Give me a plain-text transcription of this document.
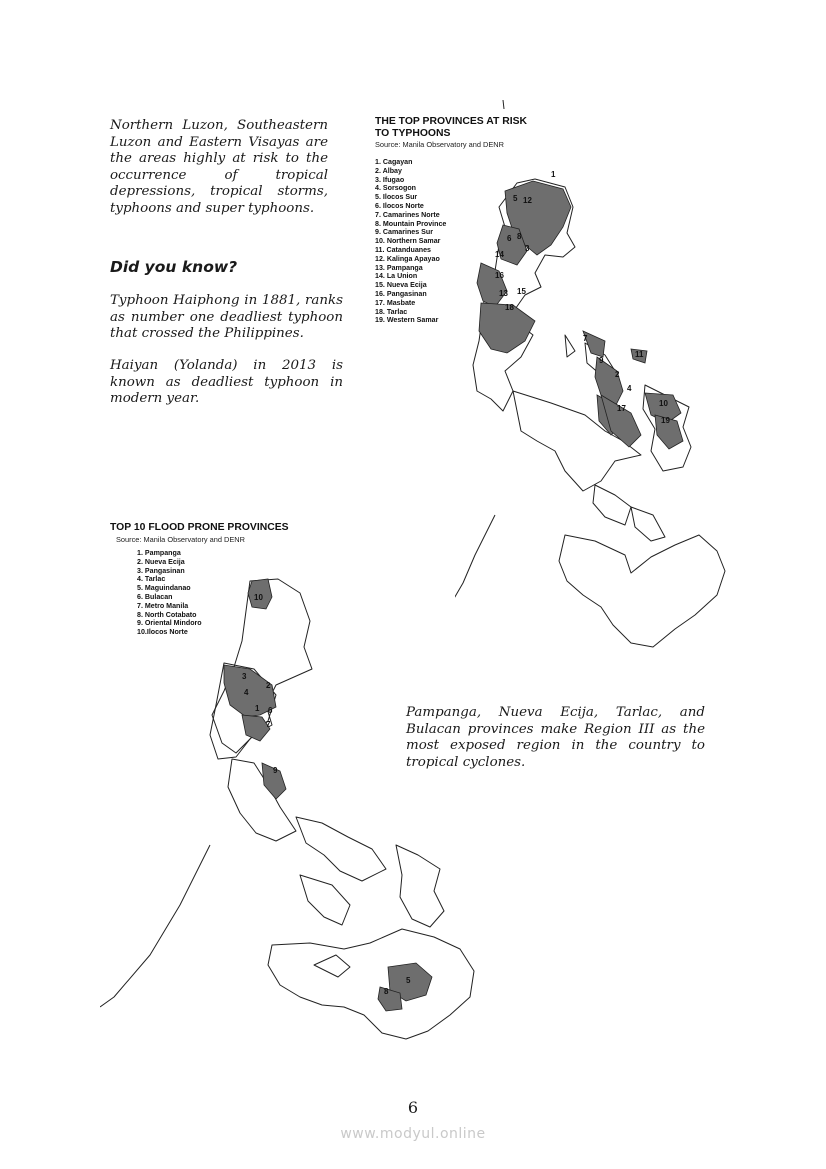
Northern Luzon, Southeastern Luzon and Eastern Visayas are the areas highly at risk to the occurrence of tropical depressions, tropical storms, typhoons and super typhoons.

Did you know?

Typhoon Haiphong in 1881, ranks as number one deadliest typhoon that crossed the Philippines.

Haiyan (Yolanda) in 2013 is known as deadliest typhoon in modern year.

THE TOP PROVINCES AT RISK TO TYPHOONS

Source: Manila Observatory and DENR

1. Cagayan
2. Albay
3. Ifugao
4. Sorsogon
5. Ilocos Sur
6. Ilocos Norte
7. Camarines Norte
8. Mountain Province
9. Camarines Sur
10. Northern Samar
11. Catanduanes
12. Kalinga Apayao
13. Pampanga
14. La Union
15. Nueva Ecija
16. Pangasinan
17. Masbate
18. Tarlac
19. Western Samar
1
5 12
6 8
3
14
16
15
13
18
7
9
11
2
4
17
10
19
TOP 10 FLOOD PRONE PROVINCES

Source: Manila Observatory and DENR

1. Pampanga
2. Nueva Ecija
3. Pangasinan
4. Tarlac
5. Maguindanao
6. Bulacan
7. Metro Manila
8. North Cotabato
9. Oriental Mindoro
10.Ilocos Norte
10
3
2
4
1 6
7
9
5
8

Pampanga, Nueva Ecija, Tarlac, and Bulacan provinces make Region III as the most exposed region in the country to tropical cyclones.

6

www.modyul.online
